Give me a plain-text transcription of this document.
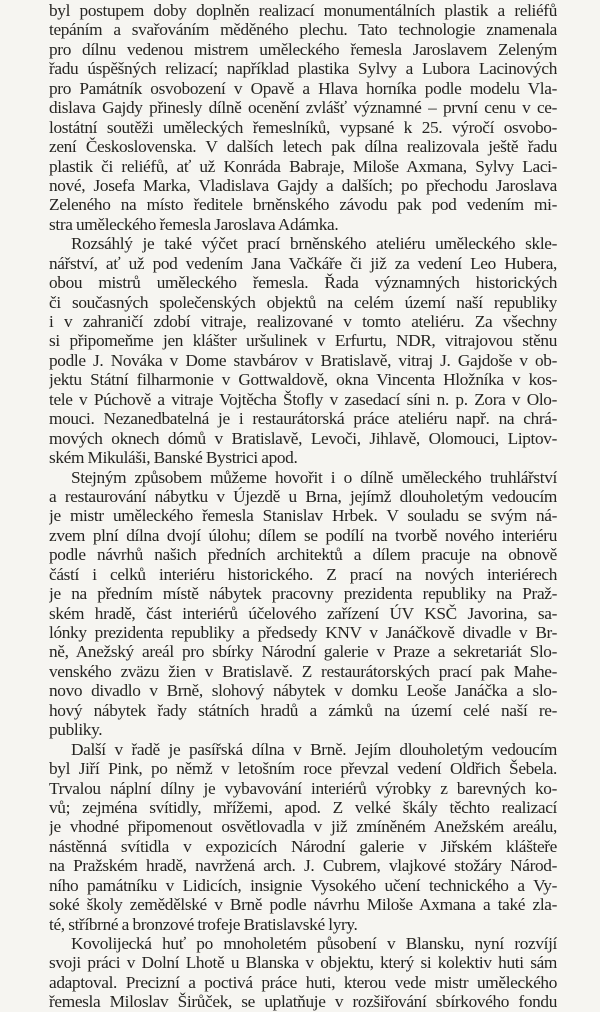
byl postupem doby doplněn realizací monumentálních plastik a reliéfů
tepáním a svařováním měděného plechu. Tato technologie znamenala
pro dílnu vedenou mistrem uměleckého řemesla Jaroslavem Zeleným
řadu úspěšných relizací; například plastika Sylvy a Lubora Lacinových
pro Památník osvobození v Opavě a Hlava horníka podle modelu Vla-
dislava Gajdy přinesly dílně ocenění zvlášť významné – první cenu v ce-
lostátní soutěži uměleckých řemeslníků, vypsané k 25. výročí osvobo-
zení Československa. V dalších letech pak dílna realizovala ještě řadu
plastik či reliéfů, ať už Konráda Babraje, Miloše Axmana, Sylvy Laci-
nové, Josefa Marka, Vladislava Gajdy a dalších; po přechodu Jaroslava
Zeleného na místo ředitele brněnského závodu pak pod vedením mi-
stra uměleckého řemesla Jaroslava Adámka.
Rozsáhlý je také výčet prací brněnského ateliéru uměleckého skle-
nářství, ať už pod vedením Jana Vačkáře či již za vedení Leo Hubera,
obou mistrů uměleckého řemesla. Řada významných historických
či současných společenských objektů na celém území naší republiky
i v zahraničí zdobí vitraje, realizované v tomto ateliéru. Za všechny
si připomeňme jen klášter uršulinek v Erfurtu, NDR, vitrajovou stěnu
podle J. Nováka v Dome stavbárov v Bratislavě, vitraj J. Gajdoše v ob-
jektu Státní filharmonie v Gottwaldově, okna Vincenta Hložníka v kos-
tele v Púchově a vitraje Vojtěcha Štofly v zasedací síni n. p. Zora v Olo-
mouci. Nezanedbatelná je i restaurátorská práce ateliéru např. na chrá-
mových oknech dómů v Bratislavě, Levoči, Jihlavě, Olomouci, Liptov-
ském Mikuláši, Banské Bystrici apod.
Stejným způsobem můžeme hovořit i o dílně uměleckého truhlářství
a restaurování nábytku v Újezdě u Brna, jejímž dlouholetým vedoucím
je mistr uměleckého řemesla Stanislav Hrbek. V souladu se svým ná-
zvem plní dílna dvojí úlohu; dílem se podílí na tvorbě nového interiéru
podle návrhů našich předních architektů a dílem pracuje na obnově
částí i celků interiéru historického. Z prací na nových interiérech
je na předním místě nábytek pracovny prezidenta republiky na Praž-
ském hradě, část interiérů účelového zařízení ÚV KSČ Javorina, sa-
lónky prezidenta republiky a předsedy KNV v Janáčkově divadle v Br-
ně, Anežský areál pro sbírky Národní galerie v Praze a sekretariát Slo-
venského zväzu žien v Bratislavě. Z restaurátorských prací pak Mahe-
novo divadlo v Brně, slohový nábytek v domku Leoše Janáčka a slo-
hový nábytek řady státních hradů a zámků na území celé naší re-
publiky.
Další v řadě je pasířská dílna v Brně. Jejím dlouholetým vedoucím
byl Jiří Pink, po němž v letošním roce převzal vedení Oldřich Šebela.
Trvalou náplní dílny je vybavování interiérů výrobky z barevných ko-
vů; zejména svítidly, mřížemi, apod. Z velké škály těchto realizací
je vhodné připomenout osvětlovadla v již zmíněném Anežském areálu,
nástěnná svítidla v expozicích Národní galerie v Jiřském klášteře
na Pražském hradě, navržená arch. J. Cubrem, vlajkové stožáry Národ-
ního památníku v Lidicích, insignie Vysokého učení technického a Vy-
soké školy zemědělské v Brně podle návrhu Miloše Axmana a také zla-
té, stříbrné a bronzové trofeje Bratislavské lyry.
Kovolijecká huť po mnoholetém působení v Blansku, nyní rozvíjí
svoji práci v Dolní Lhotě u Blanska v objektu, který si kolektiv huti sám
adaptoval. Precizní a poctivá práce huti, kterou vede mistr uměleckého
řemesla Miloslav Širůček, se uplatňuje v rozšiřování sbírkového fondu
